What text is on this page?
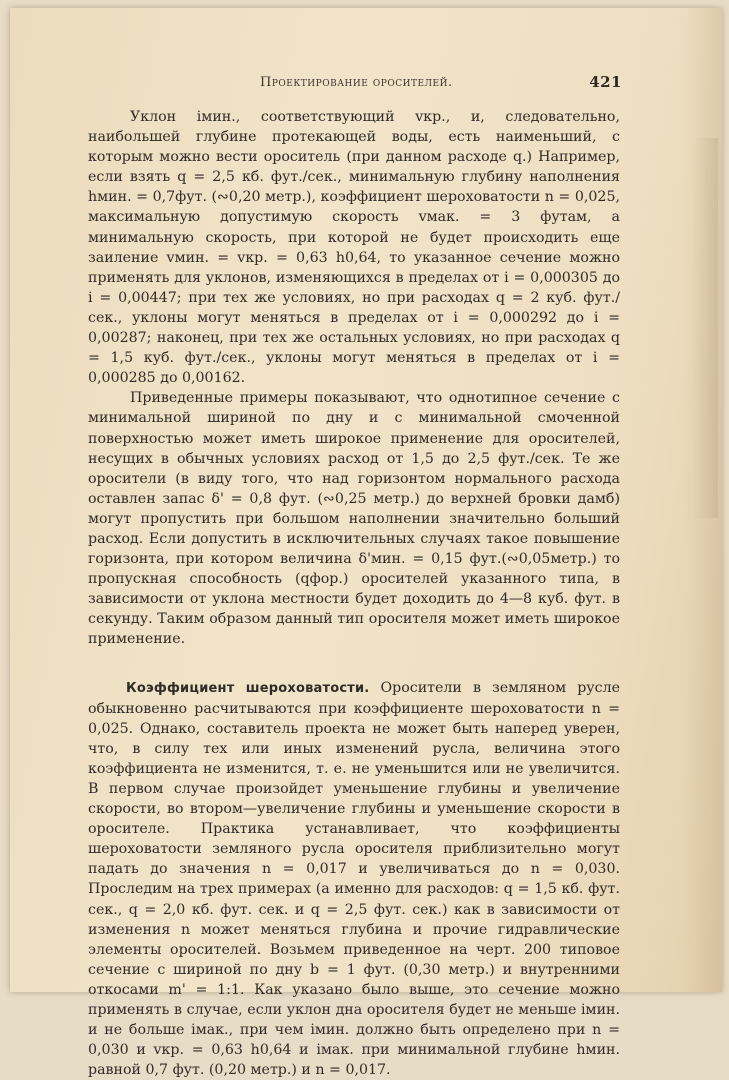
Проектирование оросителей.	421

Уклон iмин., соответствующий vкр., и, следовательно, наибольшей глубине протекающей воды, есть наименьший, с которым можно вести ороситель (при данном расходе q.) Например, если взять q = 2,5 кб. фут./сек., минимальную глубину наполнения hмин. = 0,7фут. (∾0,20 метр.), коэффициент шероховатости n = 0,025, максимальную допустимую скорость vмак. = 3 футам, а минимальную скорость, при которой не будет происходить еще заиление vмин. = vкр. = 0,63 h0,64, то указанное сечение можно применять для уклонов, изменяющихся в пределах от i = 0,000305 до i = 0,00447; при тех же условиях, но при расходах q = 2 куб. фут./сек., уклоны могут меняться в пределах от i = 0,000292 до i = 0,00287; наконец, при тех же остальных условиях, но при расходах q = 1,5 куб. фут./сек., уклоны могут меняться в пределах от i = 0,000285 до 0,00162.

Приведенные примеры показывают, что однотипное сечение с минимальной шириной по дну и с минимальной смоченной поверхностью может иметь широкое применение для оросителей, несущих в обычных условиях расход от 1,5 до 2,5 фут./сек. Те же оросители (в виду того, что над горизонтом нормального расхода оставлен запас δ' = 0,8 фут. (∾0,25 метр.) до верхней бровки дамб) могут пропустить при большом наполнении значительно больший расход. Если допустить в исключительных случаях такое повышение горизонта, при котором величина δ'мин. = 0,15 фут.(∾0,05метр.) то пропускная способность (qфор.) оросителей указанного типа, в зависимости от уклона местности будет доходить до 4—8 куб. фут. в секунду. Таким образом данный тип оросителя может иметь широкое применение.

Коэффициент шероховатости. Оросители в земляном русле обыкновенно расчитываются при коэффициенте шероховатости n = 0,025. Однако, составитель проекта не может быть наперед уверен, что, в силу тех или иных изменений русла, величина этого коэффициента не изменится, т. е. не уменьшится или не увеличится. В первом случае произойдет уменьшение глубины и увеличение скорости, во втором—увеличение глубины и уменьшение скорости в оросителе. Практика устанавливает, что коэффициенты шероховатости земляного русла оросителя приблизительно могут падать до значения n = 0,017 и увеличиваться до n = 0,030. Проследим на трех примерах (а именно для расходов: q = 1,5 кб. фут. сек., q = 2,0 кб. фут. сек. и q = 2,5 фут. сек.) как в зависимости от изменения n может меняться глубина и прочие гидравлические элементы оросителей. Возьмем приведенное на черт. 200 типовое сечение с шириной по дну b = 1 фут. (0,30 метр.) и внутренними откосами m' = 1:1. Как указано было выше, это сечение можно применять в случае, если уклон дна оросителя будет не меньше iмин. и не больше iмак., при чем iмин. должно быть определено при n = 0,030 и vкр. = 0,63 h0,64 и iмак. при минимальной глубине hмин. равной 0,7 фут. (0,20 метр.) и n = 0,017.
